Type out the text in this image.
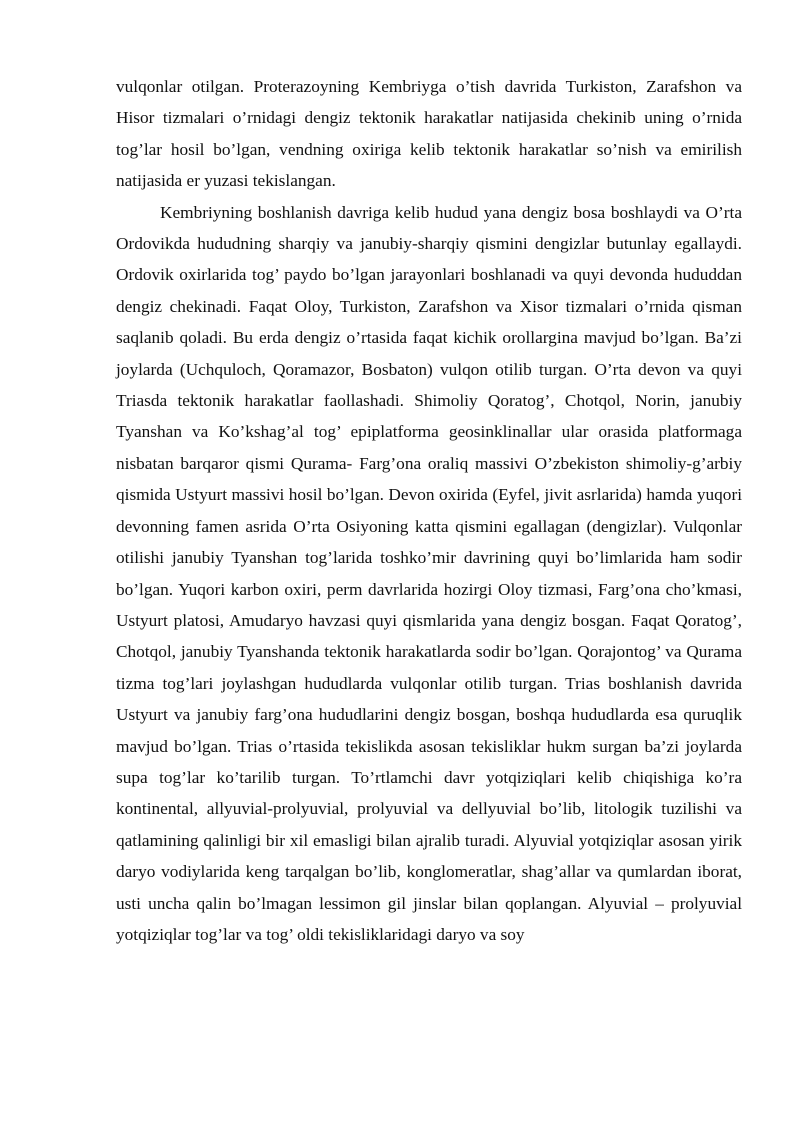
vulqonlar otilgan. Proterazoyning Kembriyga o’tish davrida Turkiston, Zarafshon va Hisor tizmalari o’rnidagi dengiz tektonik harakatlar natijasida chekinib uning o’rnida tog’lar hosil bo’lgan, vendning oxiriga kelib tektonik harakatlar so’nish va emirilish natijasida er yuzasi tekislangan.

Kembriyning boshlanish davriga kelib hudud yana dengiz bosa boshlaydi va O’rta Ordovikda hududning sharqiy va janubiy-sharqiy qismini dengizlar butunlay egallaydi. Ordovik oxirlarida tog’ paydo bo’lgan jarayonlari boshlanadi va quyi devonda hududdan dengiz chekinadi. Faqat Oloy, Turkiston, Zarafshon va Xisor tizmalari o’rnida qisman saqlanib qoladi. Bu erda dengiz o’rtasida faqat kichik orollargina mavjud bo’lgan. Ba’zi joylarda (Uchquloch, Qoramazor, Bosbaton) vulqon otilib turgan. O’rta devon va quyi Triasda tektonik harakatlar faollashadi. Shimoliy Qoratog’, Chotqol, Norin, janubiy Tyanshan va Ko’kshag’al tog’ epiplatforma geosinklinallar ular orasida platformaga nisbatan barqaror qismi Qurama- Farg’ona oraliq massivi O’zbekiston shimoliy-g’arbiy qismida Ustyurt massivi hosil bo’lgan. Devon oxirida (Eyfel, jivit asrlarida) hamda yuqori devonning famen asrida O’rta Osiyoning katta qismini egallagan (dengizlar). Vulqonlar otilishi janubiy Tyanshan tog’larida toshko’mir davrining quyi bo’limlarida ham sodir bo’lgan. Yuqori karbon oxiri, perm davrlarida hozirgi Oloy tizmasi, Farg’ona cho’kmasi, Ustyurt platosi, Amudaryo havzasi quyi qismlarida yana dengiz bosgan. Faqat Qoratog’, Chotqol, janubiy Tyanshanda tektonik harakatlarda sodir bo’lgan. Qorajontog’ va Qurama tizma tog’lari joylashgan hududlarda vulqonlar otilib turgan. Trias boshlanish davrida Ustyurt va janubiy farg’ona hududlarini dengiz bosgan, boshqa hududlarda esa quruqlik mavjud bo’lgan. Trias o’rtasida tekislikda asosan tekisliklar hukm surgan ba’zi joylarda supa tog’lar ko’tarilib turgan. To’rtlamchi davr yotqiziqlari kelib chiqishiga ko’ra kontinental, allyuvial-prolyuvial, prolyuvial va dellyuvial bo’lib, litologik tuzilishi va qatlamining qalinligi bir xil emasligi bilan ajralib turadi. Alyuvial yotqiziqlar asosan yirik daryo vodiylarida keng tarqalgan bo’lib, konglomeratlar, shag’allar va qumlardan iborat, usti uncha qalin bo’lmagan lessimon gil jinslar bilan qoplangan. Alyuvial – prolyuvial yotqiziqlar tog’lar va tog’ oldi tekisliklaridagi daryo va soy
